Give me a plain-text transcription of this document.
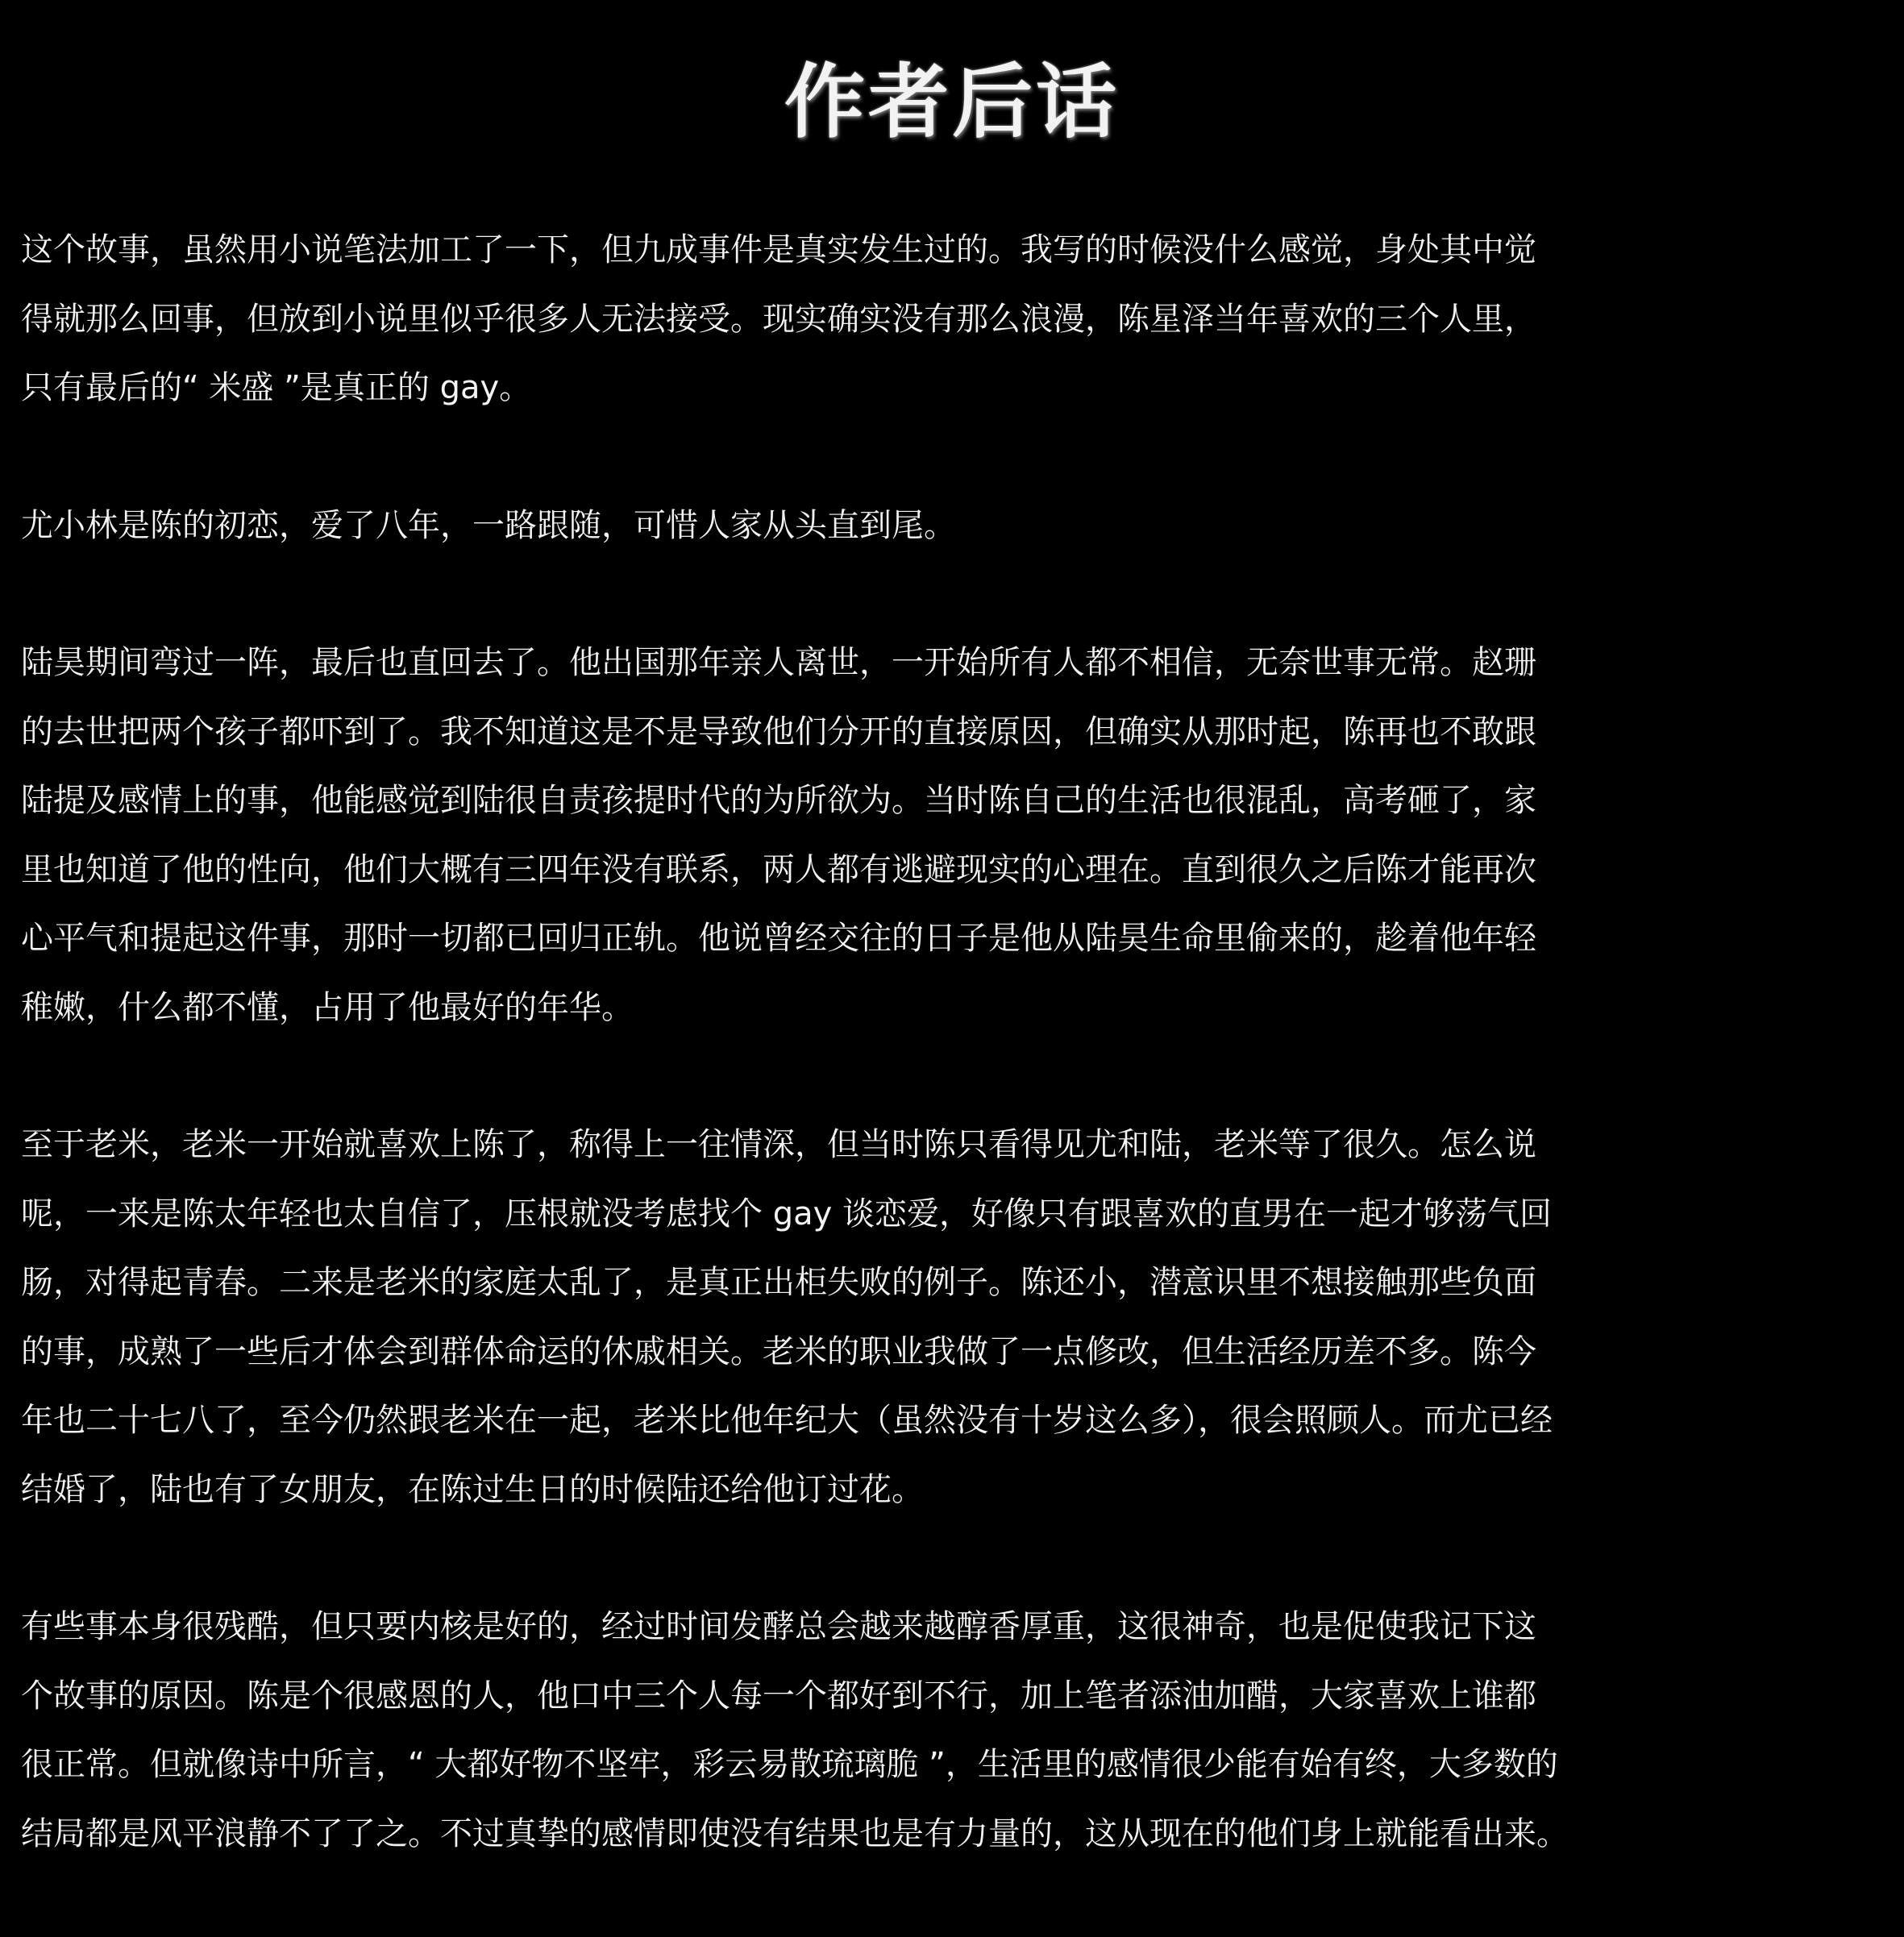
作者后话
这个故事，虽然用小说笔法加工了一下，但九成事件是真实发生过的。我写的时候没什么感觉，身处其中觉
得就那么回事，但放到小说里似乎很多人无法接受。现实确实没有那么浪漫，陈星泽当年喜欢的三个人里，
只有最后的“ 米盛 ”是真正的 gay。
尤小林是陈的初恋，爱了八年，一路跟随，可惜人家从头直到尾。
陆昊期间弯过一阵，最后也直回去了。他出国那年亲人离世，一开始所有人都不相信，无奈世事无常。赵珊
的去世把两个孩子都吓到了。我不知道这是不是导致他们分开的直接原因，但确实从那时起，陈再也不敢跟
陆提及感情上的事，他能感觉到陆很自责孩提时代的为所欲为。当时陈自己的生活也很混乱，高考砸了，家
里也知道了他的性向，他们大概有三四年没有联系，两人都有逃避现实的心理在。直到很久之后陈才能再次
心平气和提起这件事，那时一切都已回归正轨。他说曾经交往的日子是他从陆昊生命里偷来的，趁着他年轻
稚嫩，什么都不懂，占用了他最好的年华。
至于老米，老米一开始就喜欢上陈了，称得上一往情深，但当时陈只看得见尤和陆，老米等了很久。怎么说
呢，一来是陈太年轻也太自信了，压根就没考虑找个 gay 谈恋爱，好像只有跟喜欢的直男在一起才够荡气回
肠，对得起青春。二来是老米的家庭太乱了，是真正出柜失败的例子。陈还小，潜意识里不想接触那些负面
的事，成熟了一些后才体会到群体命运的休戚相关。老米的职业我做了一点修改，但生活经历差不多。陈今
年也二十七八了，至今仍然跟老米在一起，老米比他年纪大（虽然没有十岁这么多），很会照顾人。而尤已经
结婚了，陆也有了女朋友，在陈过生日的时候陆还给他订过花。
有些事本身很残酷，但只要内核是好的，经过时间发酵总会越来越醇香厚重，这很神奇，也是促使我记下这
个故事的原因。陈是个很感恩的人，他口中三个人每一个都好到不行，加上笔者添油加醋，大家喜欢上谁都
很正常。但就像诗中所言，“ 大都好物不坚牢，彩云易散琉璃脆 ”，生活里的感情很少能有始有终，大多数的
结局都是风平浪静不了了之。不过真挚的感情即使没有结果也是有力量的，这从现在的他们身上就能看出来。
